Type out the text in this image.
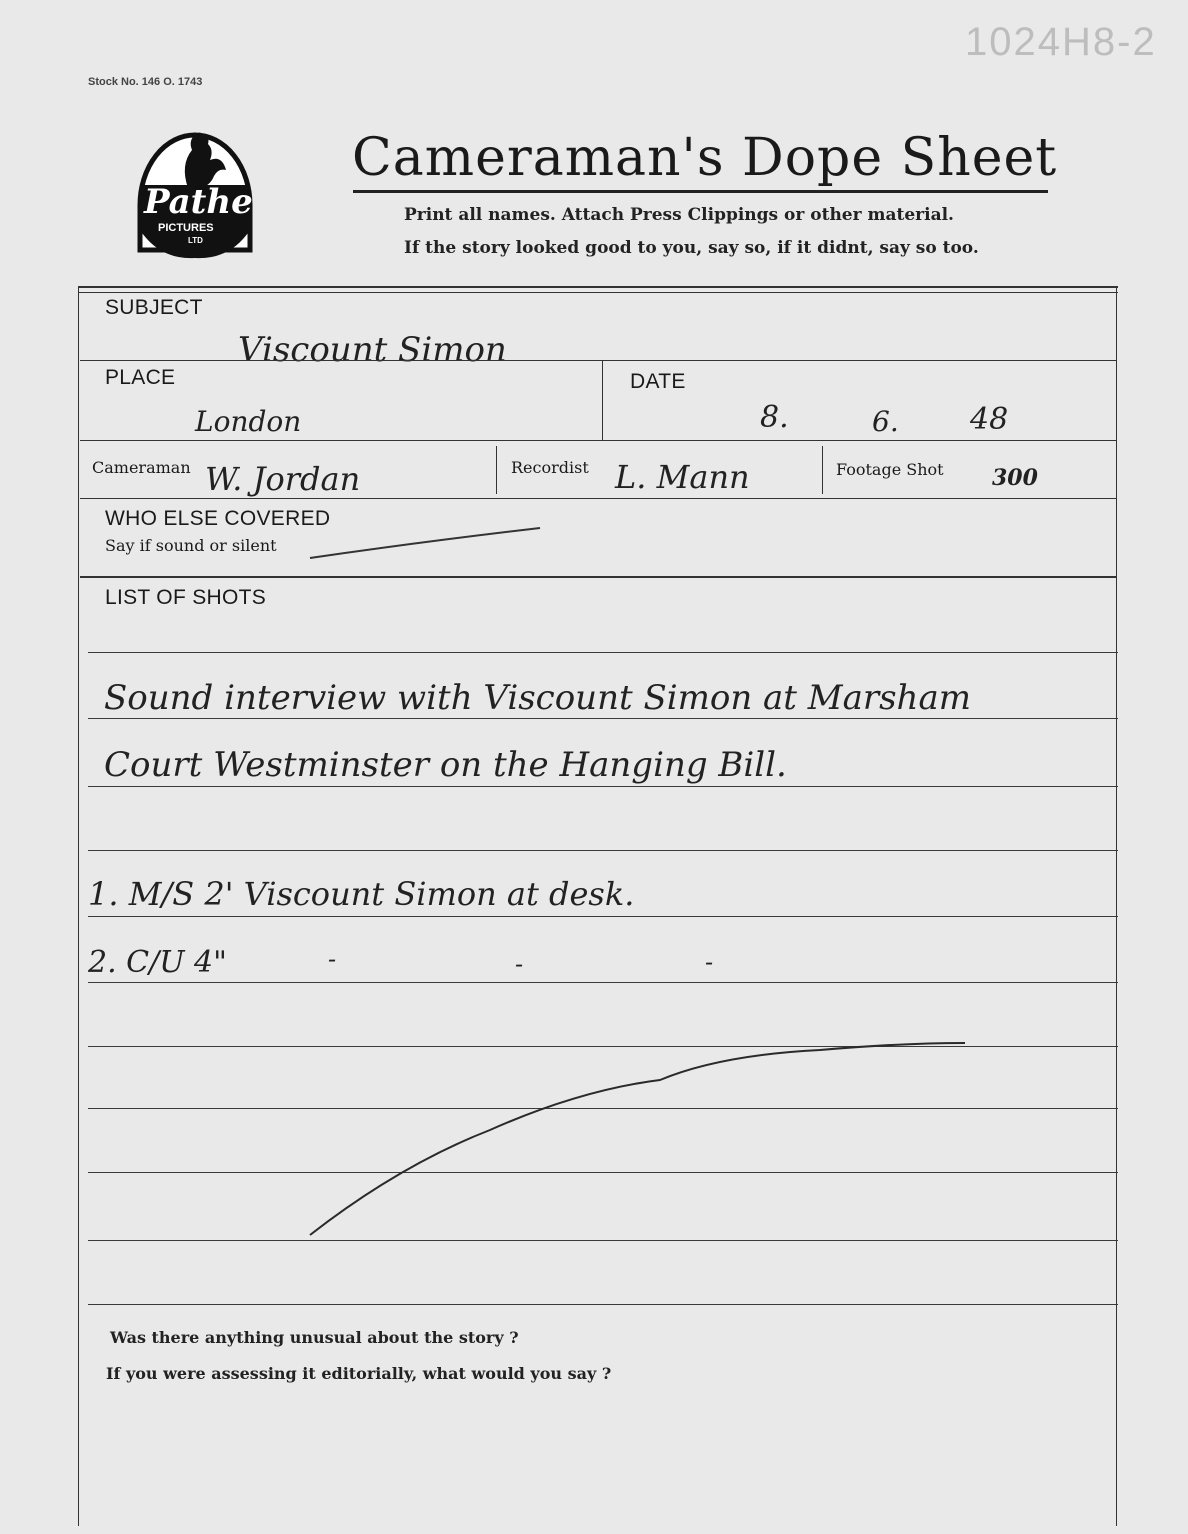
Stock No. 146 O. 1743
1024H8-2
Pathe
PICTURES
LTD
Cameraman's Dope Sheet
Print all names. Attach Press Clippings or other material.
If the story looked good to you, say so, if it didnt, say so too.
SUBJECT
Viscount Simon
PLACE
London
DATE
8.	6. 48
Cameraman W. Jordan	Recordist L. Mann	Footage Shot 300
WHO ELSE COVERED
Say if sound or silent
LIST OF SHOTS
Sound interview with Viscount Simon at Marsham
Court Westminster on the Hanging Bill.
1. M/S 2' Viscount Simon at desk.
2. C/U 4"	-	-	-
Was there anything unusual about the story ?
If you were assessing it editorially, what would you say ?
